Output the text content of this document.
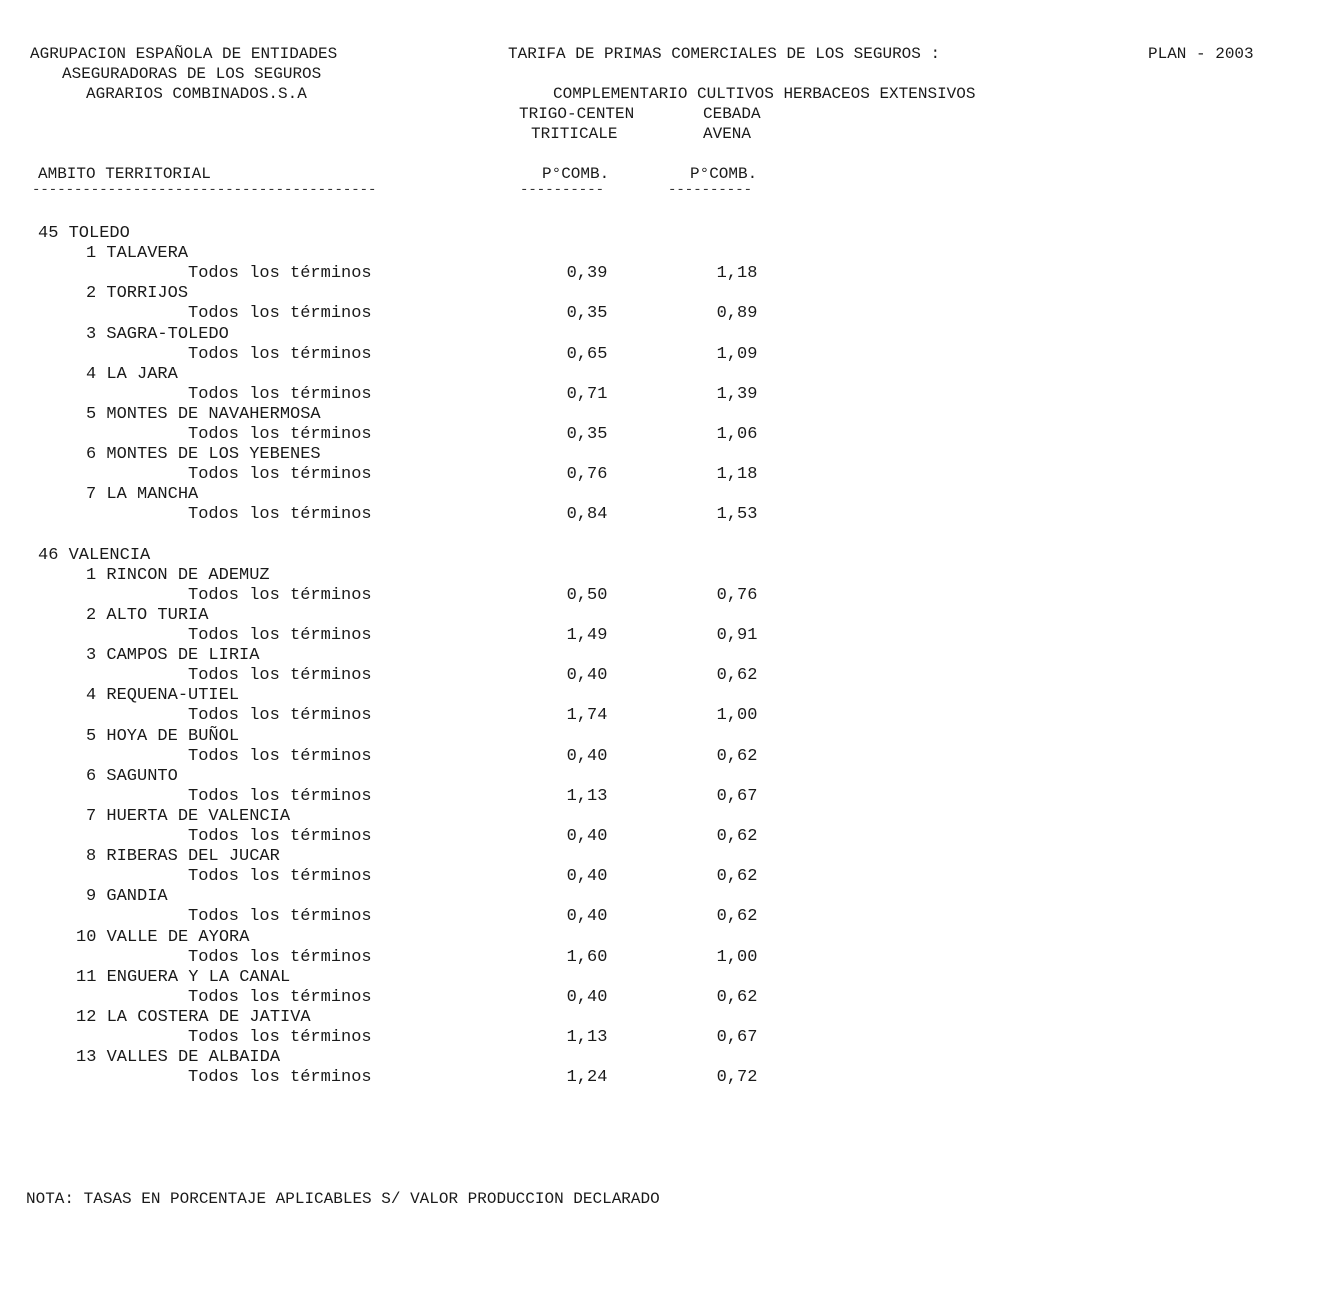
AGRUPACION ESPAÑOLA DE ENTIDADES
ASEGURADORAS DE LOS SEGUROS
AGRARIOS COMBINADOS.S.A
TARIFA DE PRIMAS COMERCIALES DE LOS SEGUROS :	PLAN - 2003
COMPLEMENTARIO CULTIVOS HERBACEOS EXTENSIVOS
TRIGO-CENTEN
TRITICALE
CEBADA
AVENA
AMBITO TERRITORIAL	P°COMB.	P°COMB.
-----------------------------------------	----------	----------
45 TOLEDO
1 TALAVERA
Todos los términos	0,39	1,18
2 TORRIJOS
Todos los términos	0,35	0,89
3 SAGRA-TOLEDO
Todos los términos	0,65	1,09
4 LA JARA
Todos los términos	0,71	1,39
5 MONTES DE NAVAHERMOSA
Todos los términos	0,35	1,06
6 MONTES DE LOS YEBENES
Todos los términos	0,76	1,18
7 LA MANCHA
Todos los términos	0,84	1,53
46 VALENCIA
1 RINCON DE ADEMUZ
Todos los términos	0,50	0,76
2 ALTO TURIA
Todos los términos	1,49	0,91
3 CAMPOS DE LIRIA
Todos los términos	0,40	0,62
4 REQUENA-UTIEL
Todos los términos	1,74	1,00
5 HOYA DE BUÑOL
Todos los términos	0,40	0,62
6 SAGUNTO
Todos los términos	1,13	0,67
7 HUERTA DE VALENCIA
Todos los términos	0,40	0,62
8 RIBERAS DEL JUCAR
Todos los términos	0,40	0,62
9 GANDIA
Todos los términos	0,40	0,62
10 VALLE DE AYORA
Todos los términos	1,60	1,00
11 ENGUERA Y LA CANAL
Todos los términos	0,40	0,62
12 LA COSTERA DE JATIVA
Todos los términos	1,13	0,67
13 VALLES DE ALBAIDA
Todos los términos	1,24	0,72
NOTA: TASAS EN PORCENTAJE APLICABLES S/ VALOR PRODUCCION DECLARADO
